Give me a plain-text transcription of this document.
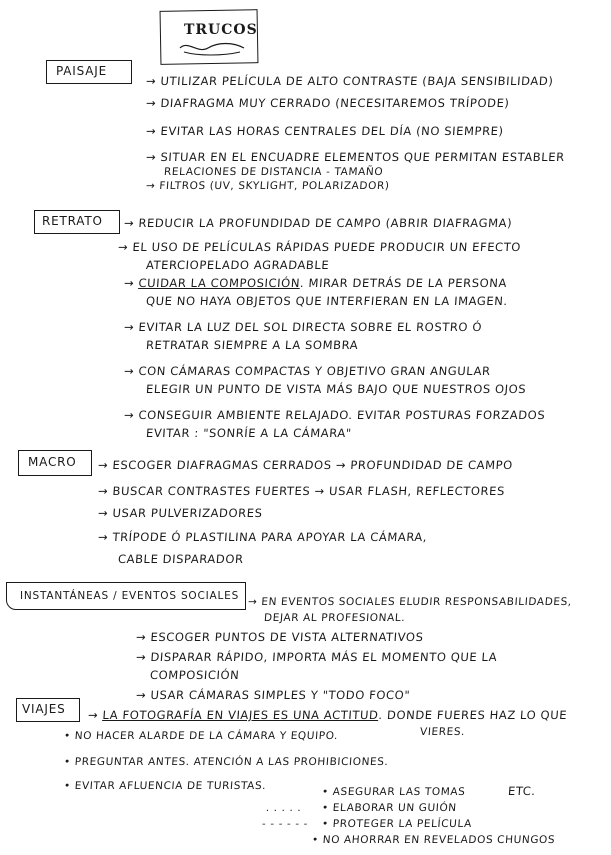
TRUCOS
PAISAJE
→ UTILIZAR PELÍCULA DE ALTO CONTRASTE (BAJA SENSIBILIDAD)
→ DIAFRAGMA MUY CERRADO (NECESITAREMOS TRÍPODE)
→ EVITAR LAS HORAS CENTRALES DEL DÍA (NO SIEMPRE)
→ SITUAR EN EL ENCUADRE ELEMENTOS QUE PERMITAN ESTABLER
RELACIONES DE DISTANCIA - TAMAÑO
→ FILTROS (UV, SKYLIGHT, POLARIZADOR)
RETRATO → REDUCIR LA PROFUNDIDAD DE CAMPO (ABRIR DIAFRAGMA)
→ EL USO DE PELÍCULAS RÁPIDAS PUEDE PRODUCIR UN EFECTO
ATERCIOPELADO AGRADABLE
→ CUIDAR LA COMPOSICIÓN. MIRAR DETRÁS DE LA PERSONA
QUE NO HAYA OBJETOS QUE INTERFIERAN EN LA IMAGEN.
→ EVITAR LA LUZ DEL SOL DIRECTA SOBRE EL ROSTRO Ó
RETRATAR SIEMPRE A LA SOMBRA
→ CON CÁMARAS COMPACTAS Y OBJETIVO GRAN ANGULAR
ELEGIR UN PUNTO DE VISTA MÁS BAJO QUE NUESTROS OJOS
→ CONSEGUIR AMBIENTE RELAJADO. EVITAR POSTURAS FORZADOS
EVITAR : "SONRÍE A LA CÁMARA"
MACRO → ESCOGER DIAFRAGMAS CERRADOS → PROFUNDIDAD DE CAMPO
→ BUSCAR CONTRASTES FUERTES → USAR FLASH, REFLECTORES
→ USAR PULVERIZADORES
→ TRÍPODE Ó PLASTILINA PARA APOYAR LA CÁMARA,
CABLE DISPARADOR
INSTANTÁNEAS / EVENTOS SOCIALES → EN EVENTOS SOCIALES ELUDIR RESPONSABILIDADES,
DEJAR AL PROFESIONAL.
→ ESCOGER PUNTOS DE VISTA ALTERNATIVOS
→ DISPARAR RÁPIDO, IMPORTA MÁS EL MOMENTO QUE LA
COMPOSICIÓN
→ USAR CÁMARAS SIMPLES Y "TODO FOCO"
VIAJES → LA FOTOGRAFÍA EN VIAJES ES UNA ACTITUD. DONDE FUERES HAZ LO QUE
VIERES.
• NO HACER ALARDE DE LA CÁMARA Y EQUIPO.
• PREGUNTAR ANTES. ATENCIÓN A LAS PROHIBICIONES.
• EVITAR AFLUENCIA DE TURISTAS.	• ASEGURAR LAS TOMAS	ETC.
. . . . . • ELABORAR UN GUIÓN
- - - - - - • PROTEGER LA PELÍCULA
• NO AHORRAR EN REVELADOS CHUNGOS
